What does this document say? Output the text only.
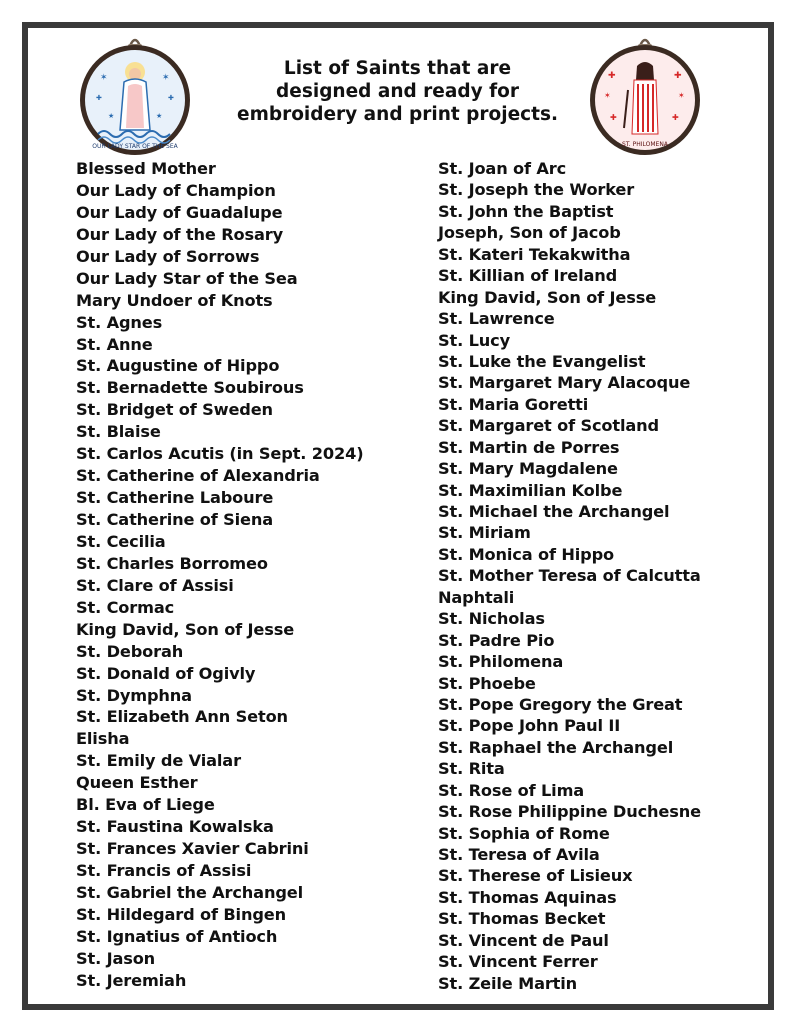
✶	✶
★	★
✚	✚
OUR LADY STAR OF THE SEA
✚	✚
✶	✶
✚	✚
ST. PHILOMENA
List of Saints that are
designed and ready for
embroidery and print projects.
Blessed Mother
Our Lady of Champion
Our Lady of Guadalupe
Our Lady of the Rosary
Our Lady of Sorrows
Our Lady Star of the Sea
Mary Undoer of Knots
St. Agnes
St. Anne
St. Augustine of Hippo
St. Bernadette Soubirous
St. Bridget of Sweden
St. Blaise
St. Carlos Acutis (in Sept. 2024)
St. Catherine of Alexandria
St. Catherine Laboure
St. Catherine of Siena
St. Cecilia
St. Charles Borromeo
St. Clare of Assisi
St. Cormac
King David, Son of Jesse
St. Deborah
St. Donald of Ogivly
St. Dymphna
St. Elizabeth Ann Seton
Elisha
St. Emily de Vialar
Queen Esther
Bl. Eva of Liege
St. Faustina Kowalska
St. Frances Xavier Cabrini
St. Francis of Assisi
St. Gabriel the Archangel
St. Hildegard of Bingen
St. Ignatius of Antioch
St. Jason
St. Jeremiah
St. Joan of Arc
St. Joseph the Worker
St. John the Baptist
Joseph, Son of Jacob
St. Kateri Tekakwitha
St. Killian of Ireland
King David, Son of Jesse
St. Lawrence
St. Lucy
St. Luke the Evangelist
St. Margaret Mary Alacoque
St. Maria Goretti
St. Margaret of Scotland
St. Martin de Porres
St. Mary Magdalene
St. Maximilian Kolbe
St. Michael the Archangel
St. Miriam
St. Monica of Hippo
St. Mother Teresa of Calcutta
Naphtali
St. Nicholas
St. Padre Pio
St. Philomena
St. Phoebe
St. Pope Gregory the Great
St. Pope John Paul II
St. Raphael the Archangel
St. Rita
St. Rose of Lima
St. Rose Philippine Duchesne
St. Sophia of Rome
St. Teresa of Avila
St. Therese of Lisieux
St. Thomas Aquinas
St. Thomas Becket
St. Vincent de Paul
St. Vincent Ferrer
St. Zeile Martin
